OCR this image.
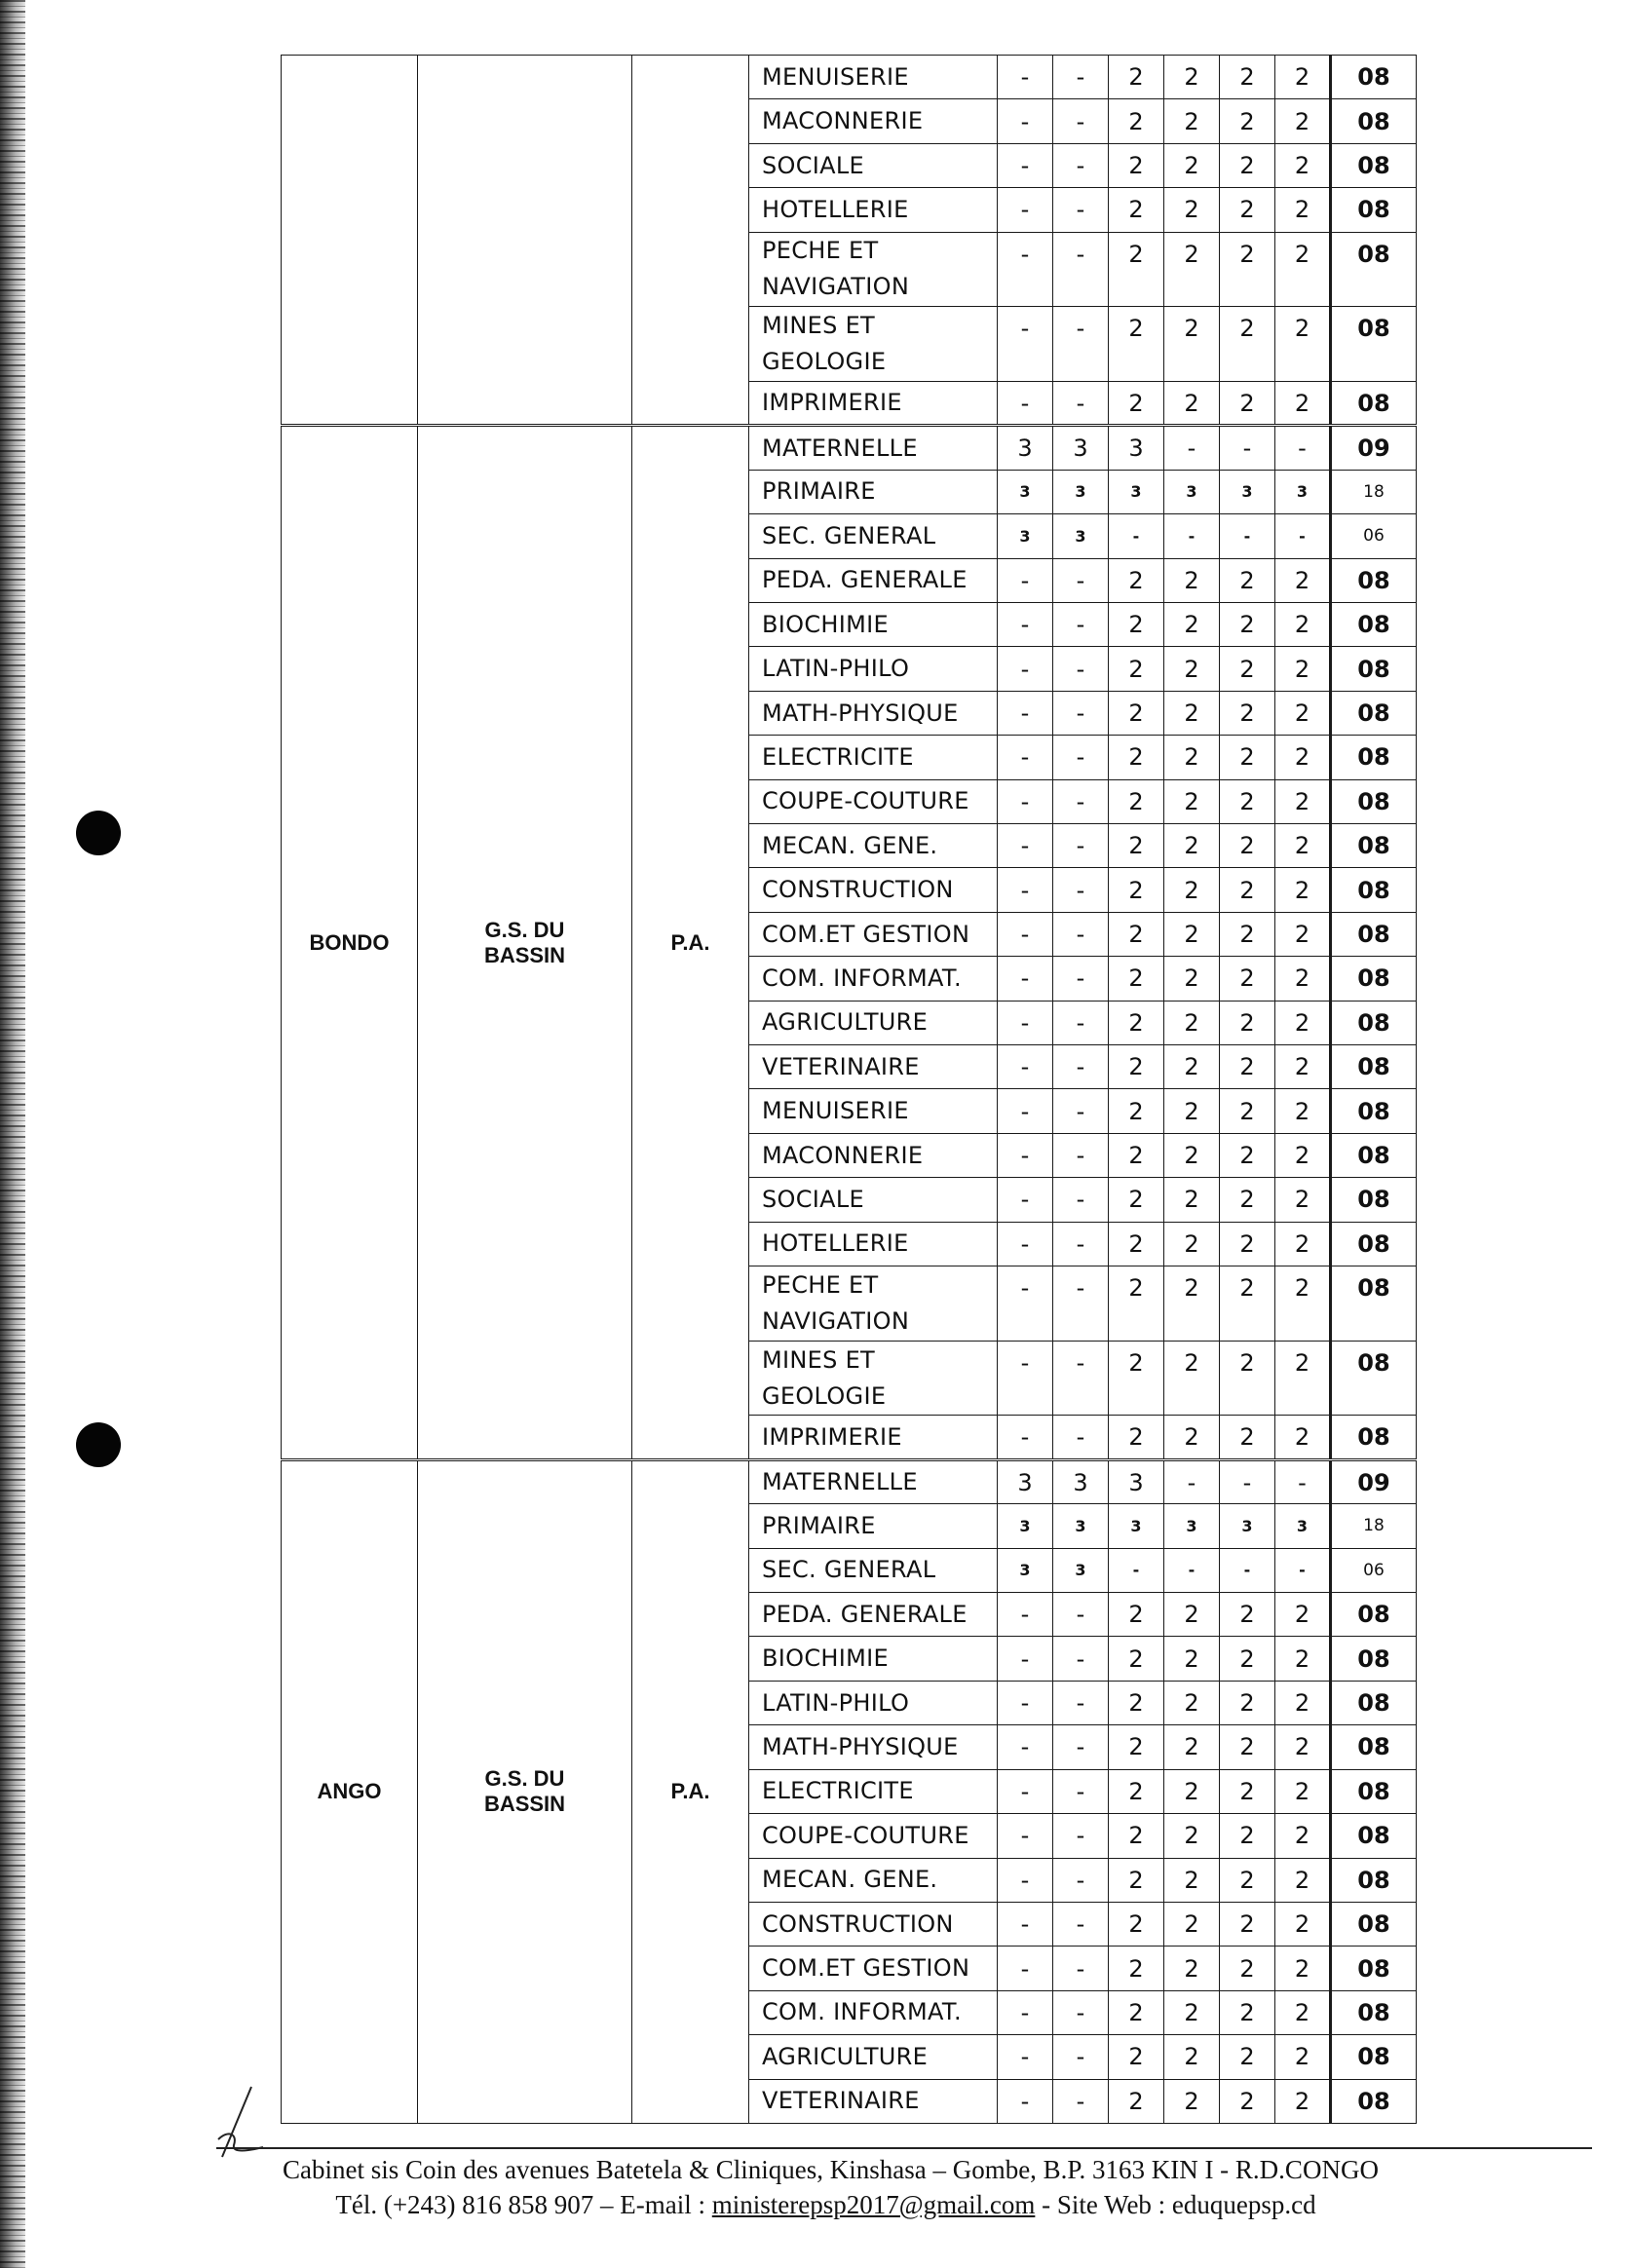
			MENUISERIE	-	-	2	2	2	2	08

			MACONNERIE	-	-	2	2	2	2	08

			SOCIALE	-	-	2	2	2	2	08

			HOTELLERIE	-	-	2	2	2	2	08

			PECHE ET
NAVIGATION	-	-	2	2	2	2	08

			MINES ET
GEOLOGIE	-	-	2	2	2	2	08

			IMPRIMERIE	-	-	2	2	2	2	08
BONDO	G.S. DU
BASSIN	P.A.	MATERNELLE	3	3	3	-	-	-	09

			PRIMAIRE	3	3	3	3	3	3	18

			SEC. GENERAL	3	3	-	-	-	-	06

			PEDA. GENERALE	-	-	2	2	2	2	08

			BIOCHIMIE	-	-	2	2	2	2	08

			LATIN-PHILO	-	-	2	2	2	2	08

			MATH-PHYSIQUE	-	-	2	2	2	2	08

			ELECTRICITE	-	-	2	2	2	2	08

			COUPE-COUTURE	-	-	2	2	2	2	08

			MECAN. GENE.	-	-	2	2	2	2	08

			CONSTRUCTION	-	-	2	2	2	2	08

			COM.ET GESTION	-	-	2	2	2	2	08

			COM. INFORMAT.	-	-	2	2	2	2	08

			AGRICULTURE	-	-	2	2	2	2	08

			VETERINAIRE	-	-	2	2	2	2	08

			MENUISERIE	-	-	2	2	2	2	08

			MACONNERIE	-	-	2	2	2	2	08

			SOCIALE	-	-	2	2	2	2	08

			HOTELLERIE	-	-	2	2	2	2	08

			PECHE ET
NAVIGATION	-	-	2	2	2	2	08

			MINES ET
GEOLOGIE	-	-	2	2	2	2	08

			IMPRIMERIE	-	-	2	2	2	2	08
ANGO	G.S. DU
BASSIN	P.A.	MATERNELLE	3	3	3	-	-	-	09

			PRIMAIRE	3	3	3	3	3	3	18

			SEC. GENERAL	3	3	-	-	-	-	06

			PEDA. GENERALE	-	-	2	2	2	2	08

			BIOCHIMIE	-	-	2	2	2	2	08

			LATIN-PHILO	-	-	2	2	2	2	08

			MATH-PHYSIQUE	-	-	2	2	2	2	08

			ELECTRICITE	-	-	2	2	2	2	08

			COUPE-COUTURE	-	-	2	2	2	2	08

			MECAN. GENE.	-	-	2	2	2	2	08

			CONSTRUCTION	-	-	2	2	2	2	08

			COM.ET GESTION	-	-	2	2	2	2	08

			COM. INFORMAT.	-	-	2	2	2	2	08

			AGRICULTURE	-	-	2	2	2	2	08

			VETERINAIRE	-	-	2	2	2	2	08
Cabinet sis Coin des avenues Batetela & Cliniques, Kinshasa – Gombe, B.P. 3163 KIN I - R.D.CONGO
Tél. (+243) 816 858 907 – E-mail : ministerepsp2017@gmail.com - Site Web : eduquepsp.cd
